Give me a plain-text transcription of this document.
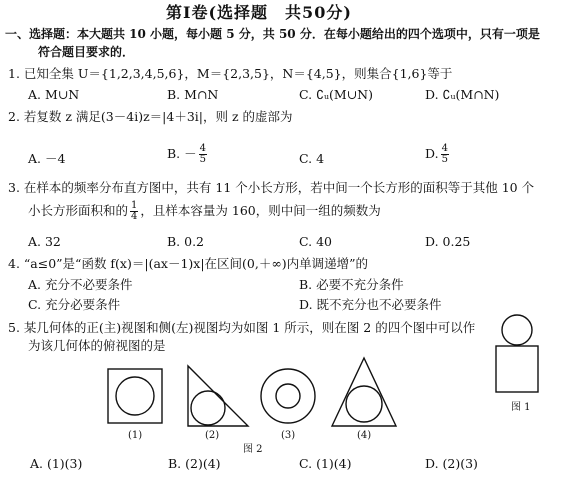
第Ⅰ卷(选择题　共50分)
一、选择题：本大题共 10 小题，每小题 5 分，共 50 分．在每小题给出的四个选项中，只有一项是
符合题目要求的．
1. 已知全集 U＝{1,2,3,4,5,6}，M＝{2,3,5}，N＝{4,5}，则集合{1,6}等于
A. M∪N	B. M∩N	C. ∁ᵤ(M∪N)	D. ∁ᵤ(M∩N)
2. 若复数 z 满足(3－4i)z＝|4＋3i|，则 z 的虚部为
A. －4	B. － $\frac{4}{5}$	C. 4	D. $\frac{4}{5}$
3. 在样本的频率分布直方图中，共有 11 个小长方形，若中间一个长方形的面积等于其他 10 个
小长方形面积和的 $\frac{1}{4}$ ，且样本容量为 160，则中间一组的频数为
A. 32	B. 0.2	C. 40	D. 0.25
4. “a≤0”是“函数 f(x)＝|(ax－1)x|在区间(0,＋∞)内单调递增”的
A. 充分不必要条件	B. 必要不充分条件
C. 充分必要条件	D. 既不充分也不必要条件
5. 某几何体的正(主)视图和侧(左)视图均为如图 1 所示，则在图 2 的四个图中可以作
为该几何体的俯视图的是
图 1
(1)	(2)	(3)	(4)
图 2
A. (1)(3)	B. (2)(4)	C. (1)(4)	D. (2)(3)
